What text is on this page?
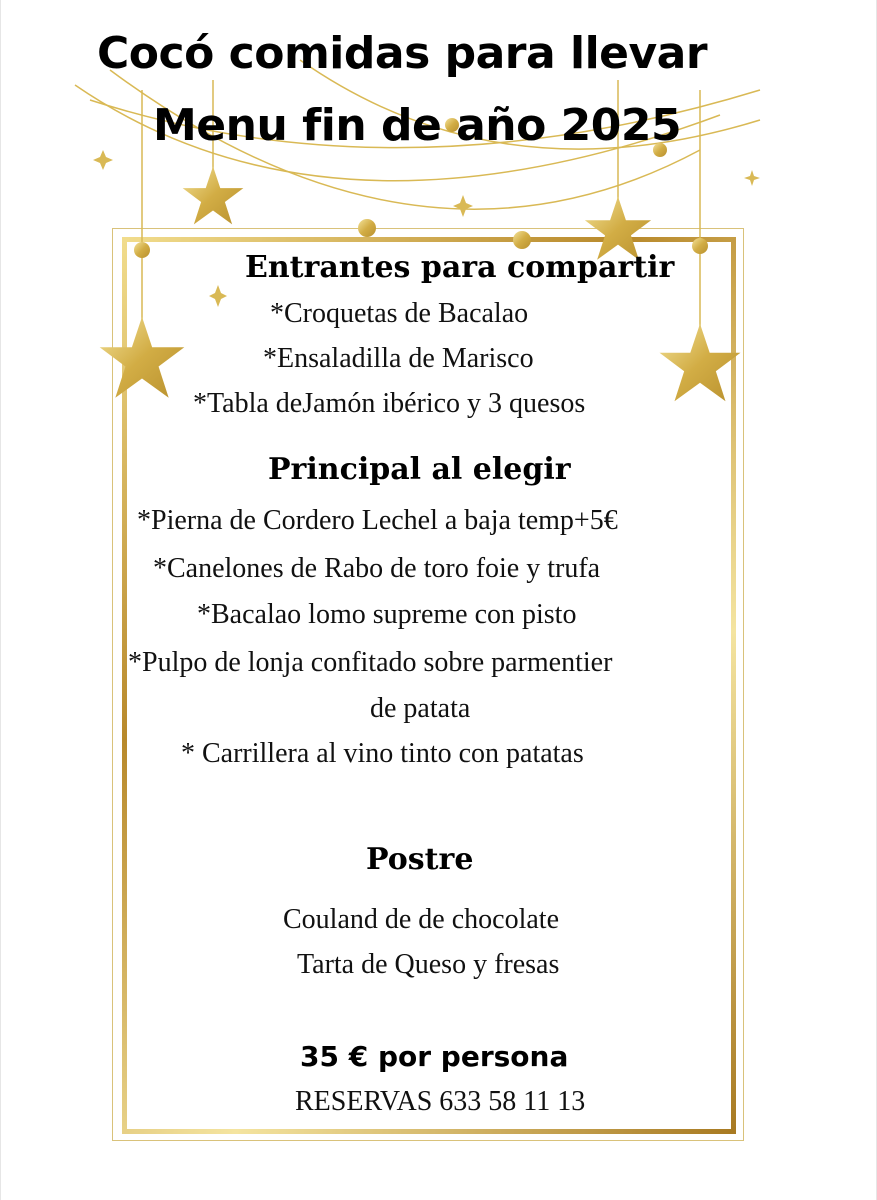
Cocó comidas para llevar
Menu fin de año 2025
Entrantes para compartir
*Croquetas de Bacalao
*Ensaladilla de Marisco
*Tabla deJamón ibérico y 3 quesos
Principal al elegir
*Pierna de Cordero Lechel a baja temp+5€
*Canelones de Rabo de toro foie y trufa
*Bacalao lomo supreme con pisto
*Pulpo de lonja confitado sobre parmentier
de patata
* Carrillera al vino tinto con patatas
Postre
Couland de de chocolate
Tarta de Queso y fresas
35 € por persona
RESERVAS 633 58 11 13
